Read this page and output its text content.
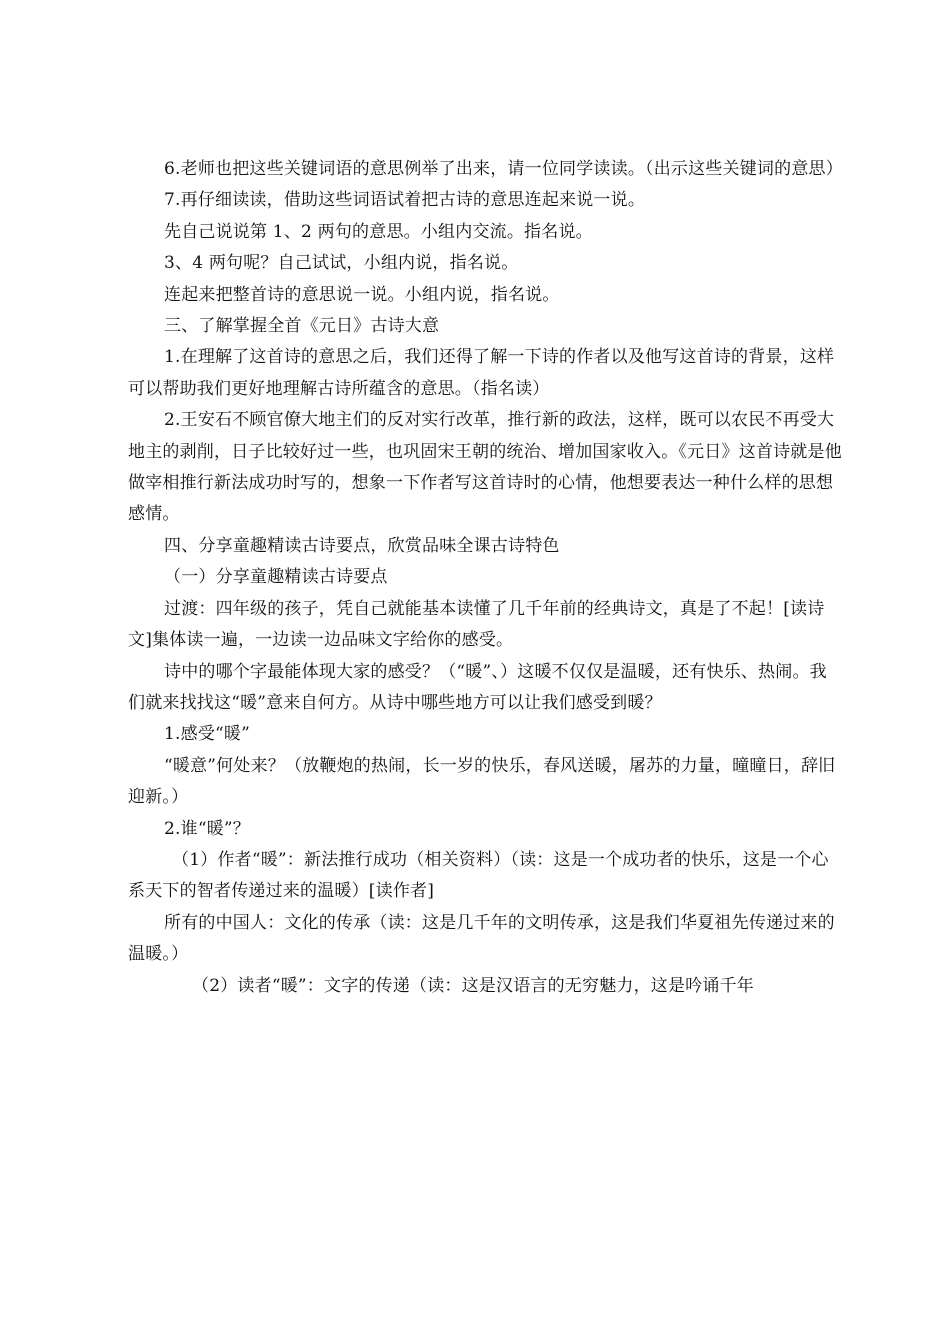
6.老师也把这些关键词语的意思例举了出来，请一位同学读读。（出示这些关键词的意思）

7.再仔细读读，借助这些词语试着把古诗的意思连起来说一说。

先自己说说第 1、2 两句的意思。小组内交流。指名说。

3、4 两句呢？自己试试，小组内说，指名说。

连起来把整首诗的意思说一说。小组内说，指名说。

三、了解掌握全首《元日》古诗大意

1.在理解了这首诗的意思之后，我们还得了解一下诗的作者以及他写这首诗的背景，这样可以帮助我们更好地理解古诗所蕴含的意思。（指名读）

2.王安石不顾官僚大地主们的反对实行改革，推行新的政法，这样，既可以农民不再受大地主的剥削，日子比较好过一些，也巩固宋王朝的统治、增加国家收入。《元日》这首诗就是他做宰相推行新法成功时写的，想象一下作者写这首诗时的心情，他想要表达一种什么样的思想感情。

四、分享童趣精读古诗要点，欣赏品味全课古诗特色

（一）分享童趣精读古诗要点

过渡：四年级的孩子，凭自己就能基本读懂了几千年前的经典诗文，真是了不起！[读诗文]集体读一遍，一边读一边品味文字给你的感受。

诗中的哪个字最能体现大家的感受？（“暖”、）这暖不仅仅是温暖，还有快乐、热闹。我们就来找找这“暖”意来自何方。从诗中哪些地方可以让我们感受到暖？

1.感受“暖”

“暖意”何处来？（放鞭炮的热闹，长一岁的快乐，春风送暖，屠苏的力量，曈曈日，辞旧迎新。）

2.谁“暖”？

（1）作者“暖”：新法推行成功（相关资料）（读：这是一个成功者的快乐，这是一个心系天下的智者传递过来的温暖）[读作者]

所有的中国人：文化的传承（读：这是几千年的文明传承，这是我们华夏祖先传递过来的温暖。）

（2）读者“暖”：文字的传递（读：这是汉语言的无穷魅力，这是吟诵千年
